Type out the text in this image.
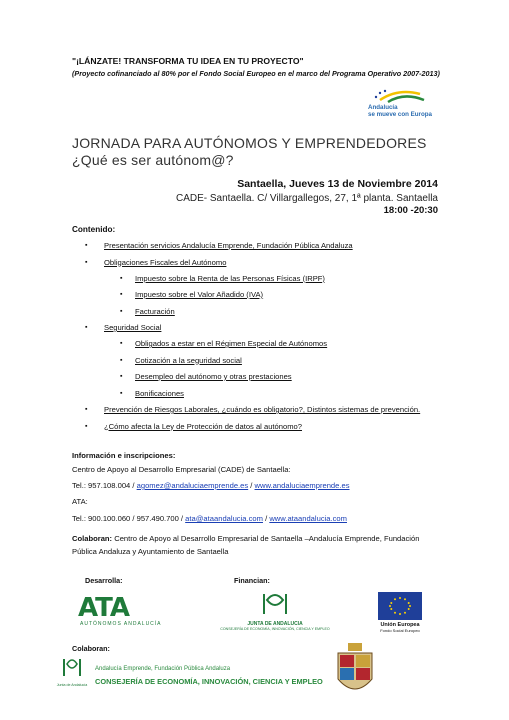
"¡LÁNZATE! TRANSFORMA TU IDEA EN TU PROYECTO"
(Proyecto cofinanciado al 80% por el Fondo Social Europeo en el marco del Programa Operativo 2007-2013)
Andalucía
se mueve con Europa
JORNADA PARA AUTÓNOMOS Y EMPRENDEDORES
¿Qué es ser autónom@?
Santaella, Jueves 13 de Noviembre 2014
CADE- Santaella. C/ Villargallegos, 27, 1ª planta. Santaella
18:00 -20:30
Contenido:
▪ Presentación servicios Andalucía Emprende, Fundación Pública Andaluza
▪ Obligaciones Fiscales del Autónomo
▪ Impuesto sobre la Renta de las Personas Físicas (IRPF)
▪ Impuesto sobre el Valor Añadido (IVA)
▪ Facturación
▪ Seguridad Social
▪ Obligados a estar en el Régimen Especial de Autónomos
▪ Cotización a la seguridad social
▪ Desempleo del autónomo y otras prestaciones
▪ Bonificaciones
▪ Prevención de Riesgos Laborales, ¿cuándo es obligatorio?, Distintos sistemas de prevención.
▪ ¿Cómo afecta la Ley de Protección de datos al autónomo?
Información e inscripciones:
Centro de Apoyo al Desarrollo Empresarial (CADE) de Santaella:
Tel.: 957.108.004 / agomez@andaluciaemprende.es / www.andaluciaemprende.es
ATA:
Tel.: 900.100.060 / 957.490.700 / ata@ataandalucia.com / www.ataandalucia.com
Colaboran: Centro de Apoyo al Desarrollo Empresarial de Santaella –Andalucía Emprende, Fundación Pública Andaluza y Ayuntamiento de Santaella
Desarrolla:	Financian:
Colaboran:
ATA
AUTÓNOMOS ANDALUCÍA	JUNTA DE ANDALUCIA
CONSEJERÍA DE ECONOMÍA, INNOVACIÓN, CIENCIA Y EMPLEO
Unión Europea
Fondo Social Europeo
Junta de Andalucía
Andalucía Emprende, Fundación Pública Andaluza
CONSEJERÍA DE ECONOMÍA, INNOVACIÓN, CIENCIA Y EMPLEO
